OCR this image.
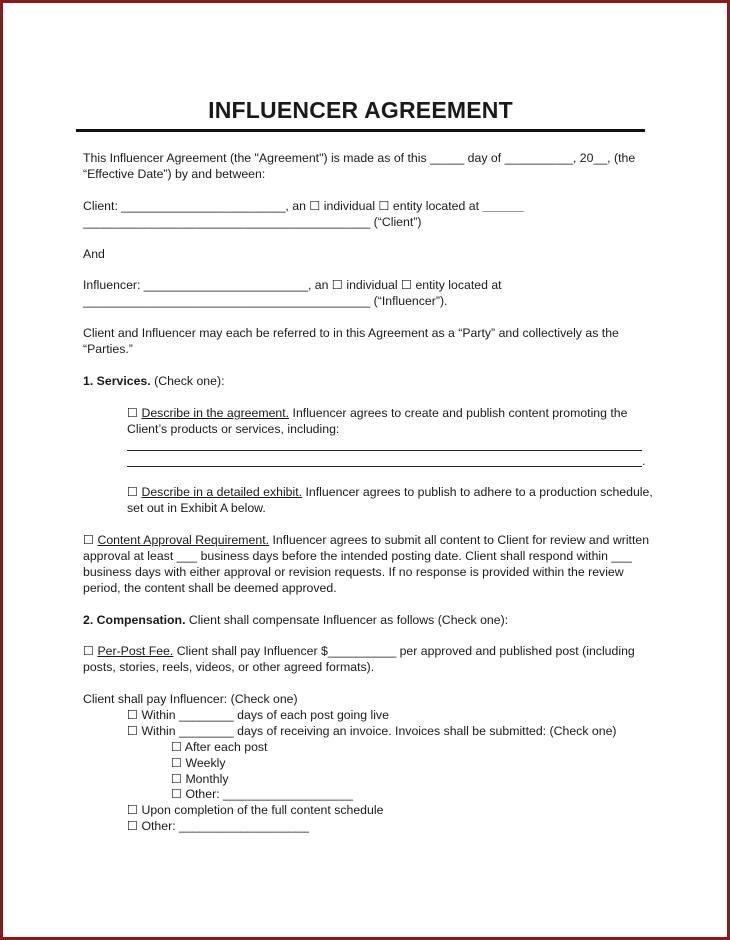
INFLUENCER AGREEMENT
This Influencer Agreement (the "Agreement") is made as of this _____ day of __________, 20__, (the
“Effective Date”) by and between:
Client: ________________________, an ☐ individual ☐ entity located at ______
__________________________________________ (“Client”)
And
Influencer: ________________________, an ☐ individual ☐ entity located at
__________________________________________ (“Influencer”).
Client and Influencer may each be referred to in this Agreement as a “Party” and collectively as the
“Parties.”
1. Services. (Check one):
☐ Describe in the agreement. Influencer agrees to create and publish content promoting the
Client’s products or services, including:
.
☐ Describe in a detailed exhibit. Influencer agrees to publish to adhere to a production schedule,
set out in Exhibit A below.
☐ Content Approval Requirement. Influencer agrees to submit all content to Client for review and written
approval at least ___ business days before the intended posting date. Client shall respond within ___
business days with either approval or revision requests. If no response is provided within the review
period, the content shall be deemed approved.
2. Compensation. Client shall compensate Influencer as follows (Check one):
☐ Per-Post Fee. Client shall pay Influencer $__________ per approved and published post (including
posts, stories, reels, videos, or other agreed formats).
Client shall pay Influencer: (Check one)
☐ Within ________ days of each post going live
☐ Within ________ days of receiving an invoice. Invoices shall be submitted: (Check one)
☐ After each post
☐ Weekly
☐ Monthly
☐ Other: ___________________
☐ Upon completion of the full content schedule
☐ Other: ___________________
